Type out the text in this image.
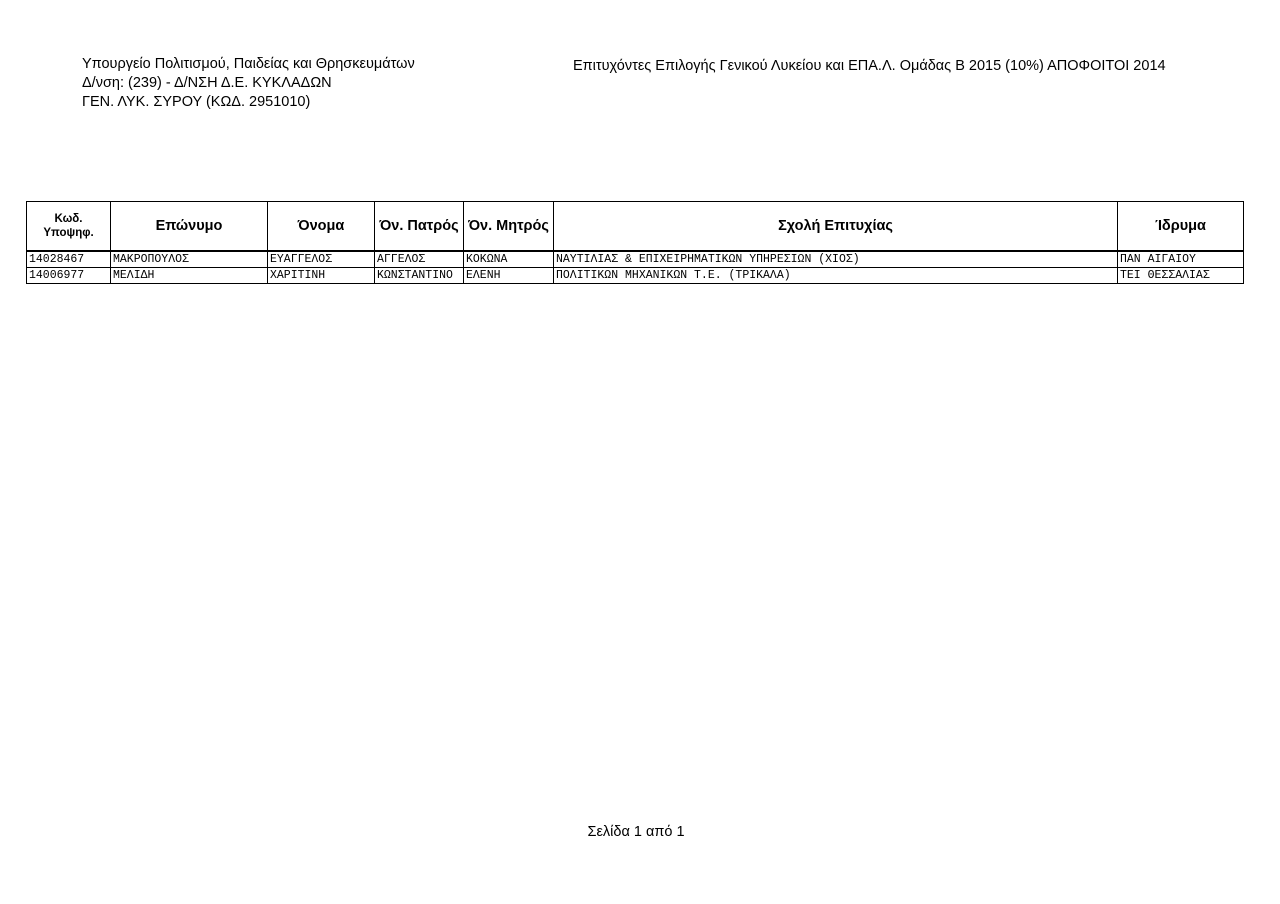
Υπουργείο Πολιτισμού, Παιδείας και Θρησκευμάτων
Δ/νση: (239) - Δ/ΝΣΗ Δ.Ε. ΚΥΚΛΑΔΩΝ
ΓΕΝ. ΛΥΚ. ΣΥΡΟΥ (ΚΩΔ. 2951010)
Επιτυχόντες Επιλογής Γενικού Λυκείου και ΕΠΑ.Λ. Ομάδας Β 2015 (10%) ΑΠΟΦΟΙΤΟΙ 2014
Κωδ.
Υποψηφ.	Επώνυμο	Όνομα	Όν. Πατρός	Όν. Μητρός	Σχολή Επιτυχίας	Ίδρυμα
14028467	ΜΑΚΡΟΠΟΥΛΟΣ	ΕΥΑΓΓΕΛΟΣ	ΑΓΓΕΛΟΣ	ΚΟΚΩΝΑ	ΝΑΥΤΙΛΙΑΣ & ΕΠΙΧΕΙΡΗΜΑΤΙΚΩΝ ΥΠΗΡΕΣΙΩΝ (ΧΙΟΣ)	ΠΑΝ ΑΙΓΑΙΟΥ
14006977	ΜΕΛΙΔΗ	ΧΑΡΙΤΙΝΗ	ΚΩΝΣΤΑΝΤΙΝΟ	ΕΛΕΝΗ	ΠΟΛΙΤΙΚΩΝ ΜΗΧΑΝΙΚΩΝ Τ.Ε. (ΤΡΙΚΑΛΑ)	ΤΕΙ ΘΕΣΣΑΛΙΑΣ
Σελίδα 1 από 1
